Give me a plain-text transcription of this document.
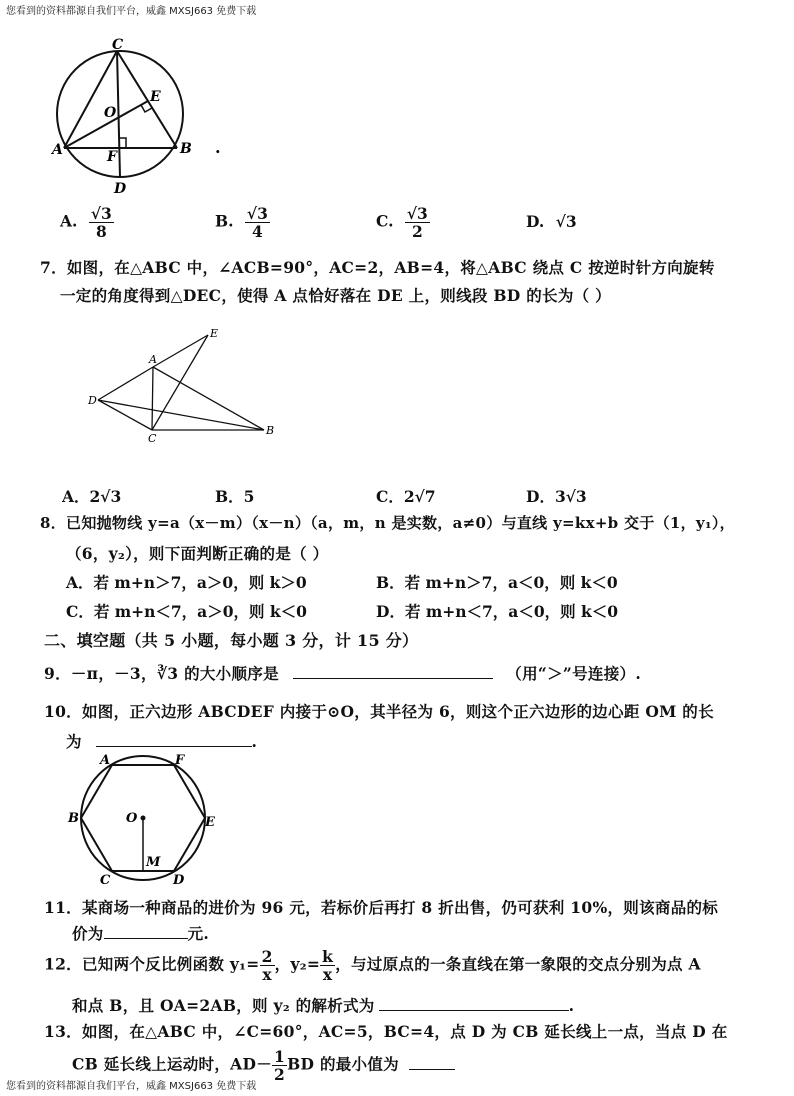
您看到的资料都源自我们平台，威鑫 MXSJ663 免费下载
您看到的资料都源自我们平台，威鑫 MXSJ663 免费下载
C
O
E
A	F	B
D
.
A. $\frac{√3}{8}$	B. $\frac{√3}{4}$	C. $\frac{√3}{2}$	D. √3
7．如图，在△ABC 中，∠ACB=90°，AC=2，AB=4，将△ABC 绕点 C 按逆时针方向旋转
一定的角度得到△DEC，使得 A 点恰好落在 DE 上，则线段 BD 的长为（ ）
A
E
D
C
B
A．2√3	B．5	C．2√7	D．3√3
8．已知抛物线 y=a（x－m）（x－n）（a，m，n 是实数，a≠0）与直线 y=kx+b 交于（1，y₁），
（6，y₂），则下面判断正确的是（ ）
A．若 m+n＞7，a＞0，则 k＞0	B．若 m+n＞7，a＜0，则 k＜0
C．若 m+n＜7，a＞0，则 k＜0	D．若 m+n＜7，a＜0，则 k＜0
二、填空题（共 5 小题，每小题 3 分，计 15 分）
9．－π，－3，∛3 的大小顺序是	（用“＞”号连接）.
10．如图，正六边形 ABCDEF 内接于⊙O，其半径为 6，则这个正六边形的边心距 OM 的长
为	.
A	F
B	O	E
M
C	D
11．某商场一种商品的进价为 96 元，若标价后再打 8 折出售，仍可获利 10%，则该商品的标
价为	元.
12．已知两个反比例函数 $y_1= \frac{2}{x}$ ，$y_2= \frac{k}{x}$ ，与过原点的一条直线在第一象限的交点分别为点 A
和点 B，且 OA=2AB，则 y₂ 的解析式为	.
13．如图，在△ABC 中，∠C=60°，AC=5，BC=4，点 D 为 CB 延长线上一点，当点 D 在
CB 延长线上运动时，$AD- \frac{1}{2}$ BD 的最小值为
